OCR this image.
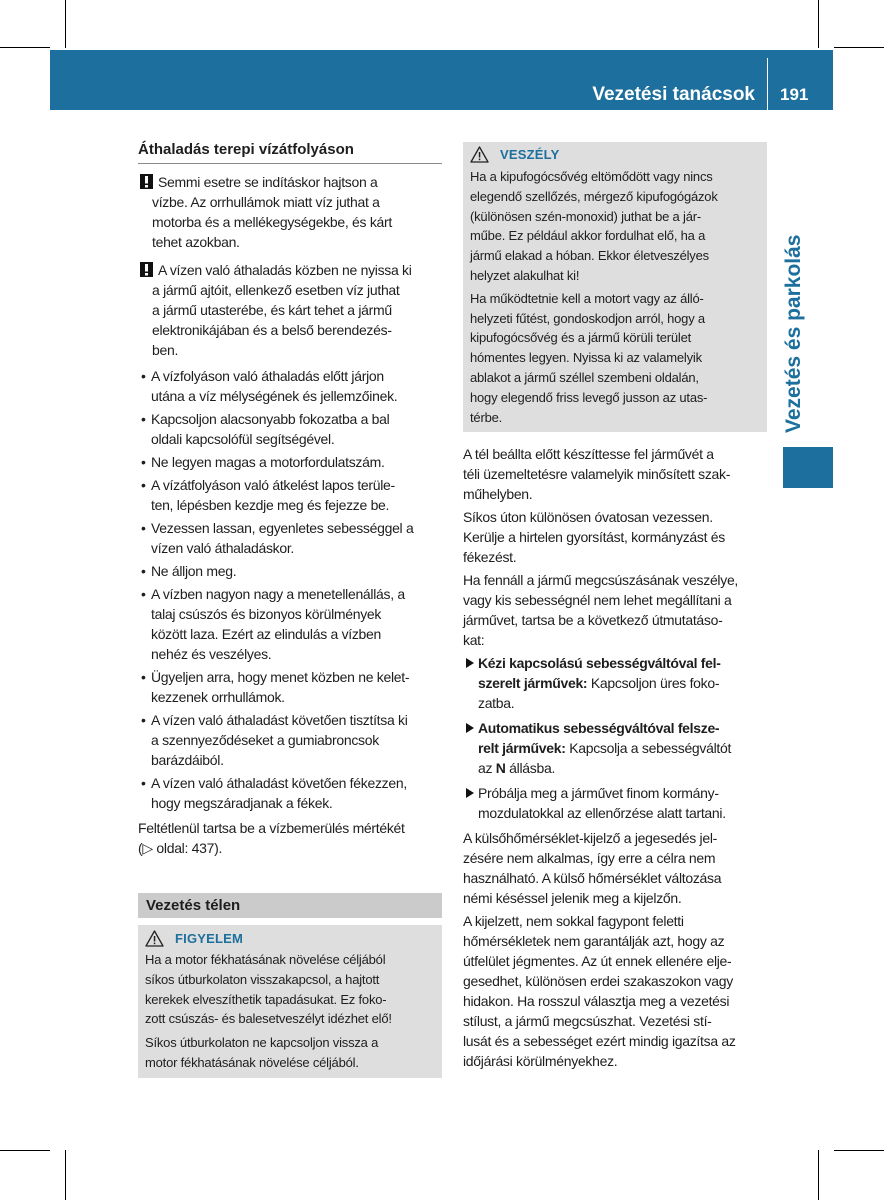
Vezetési tanácsok 191
Vezetés és parkolás
Áthaladás terepi vízátfolyáson
Semmi esetre se indításkor hajtson a
vízbe. Az orrhullámok miatt víz juthat a
motorba és a mellékegységekbe, és kárt
tehet azokban.
A vízen való áthaladás közben ne nyissa ki
a jármű ajtóit, ellenkező esetben víz juthat
a jármű utasterébe, és kárt tehet a jármű
elektronikájában és a belső berendezés-
ben.
• A vízfolyáson való áthaladás előtt járjon
utána a víz mélységének és jellemzőinek.
• Kapcsoljon alacsonyabb fokozatba a bal
oldali kapcsolófül segítségével.
• Ne legyen magas a motorfordulatszám.
• A vízátfolyáson való átkelést lapos terüle-
ten, lépésben kezdje meg és fejezze be.
• Vezessen lassan, egyenletes sebességgel a
vízen való áthaladáskor.
• Ne álljon meg.
• A vízben nagyon nagy a menetellenállás, a
talaj csúszós és bizonyos körülmények
között laza. Ezért az elindulás a vízben
nehéz és veszélyes.
• Ügyeljen arra, hogy menet közben ne kelet-
kezzenek orrhullámok.
• A vízen való áthaladást követően tisztítsa ki
a szennyeződéseket a gumiabroncsok
barázdáiból.
• A vízen való áthaladást követően fékezzen,
hogy megszáradjanak a fékek.
Feltétlenül tartsa be a vízbemerülés mértékét
(▷ oldal: 437).
Vezetés télen
FIGYELEM
Ha a motor fékhatásának növelése céljából
síkos útburkolaton visszakapcsol, a hajtott
kerekek elveszíthetik tapadásukat. Ez foko-
zott csúszás- és balesetveszélyt idézhet elő!
Síkos útburkolaton ne kapcsoljon vissza a
motor fékhatásának növelése céljából.
VESZÉLY
Ha a kipufogócsővég eltömődött vagy nincs
elegendő szellőzés, mérgező kipufogógázok
(különösen szén-monoxid) juthat be a jár-
műbe. Ez például akkor fordulhat elő, ha a
jármű elakad a hóban. Ekkor életveszélyes
helyzet alakulhat ki!
Ha működtetnie kell a motort vagy az álló-
helyzeti fűtést, gondoskodjon arról, hogy a
kipufogócsővég és a jármű körüli terület
hómentes legyen. Nyissa ki az valamelyik
ablakot a jármű széllel szembeni oldalán,
hogy elegendő friss levegő jusson az utas-
térbe.
A tél beállta előtt készíttesse fel járművét a
téli üzemeltetésre valamelyik minősített szak-
műhelyben.
Síkos úton különösen óvatosan vezessen.
Kerülje a hirtelen gyorsítást, kormányzást és
fékezést.
Ha fennáll a jármű megcsúszásának veszélye,
vagy kis sebességnél nem lehet megállítani a
járművet, tartsa be a következő útmutatáso-
kat:
Kézi kapcsolású sebességváltóval fel-
szerelt járművek: Kapcsoljon üres foko-
zatba.
Automatikus sebességváltóval felsze-
relt járművek: Kapcsolja a sebességváltót
az N állásba.
Próbálja meg a járművet finom kormány-
mozdulatokkal az ellenőrzése alatt tartani.
A külsőhőmérséklet-kijelző a jegesedés jel-
zésére nem alkalmas, így erre a célra nem
használható. A külső hőmérséklet változása
némi késéssel jelenik meg a kijelzőn.
A kijelzett, nem sokkal fagypont feletti
hőmérsékletek nem garantálják azt, hogy az
útfelület jégmentes. Az út ennek ellenére elje-
gesedhet, különösen erdei szakaszokon vagy
hidakon. Ha rosszul választja meg a vezetési
stílust, a jármű megcsúszhat. Vezetési stí-
lusát és a sebességet ezért mindig igazítsa az
időjárási körülményekhez.
